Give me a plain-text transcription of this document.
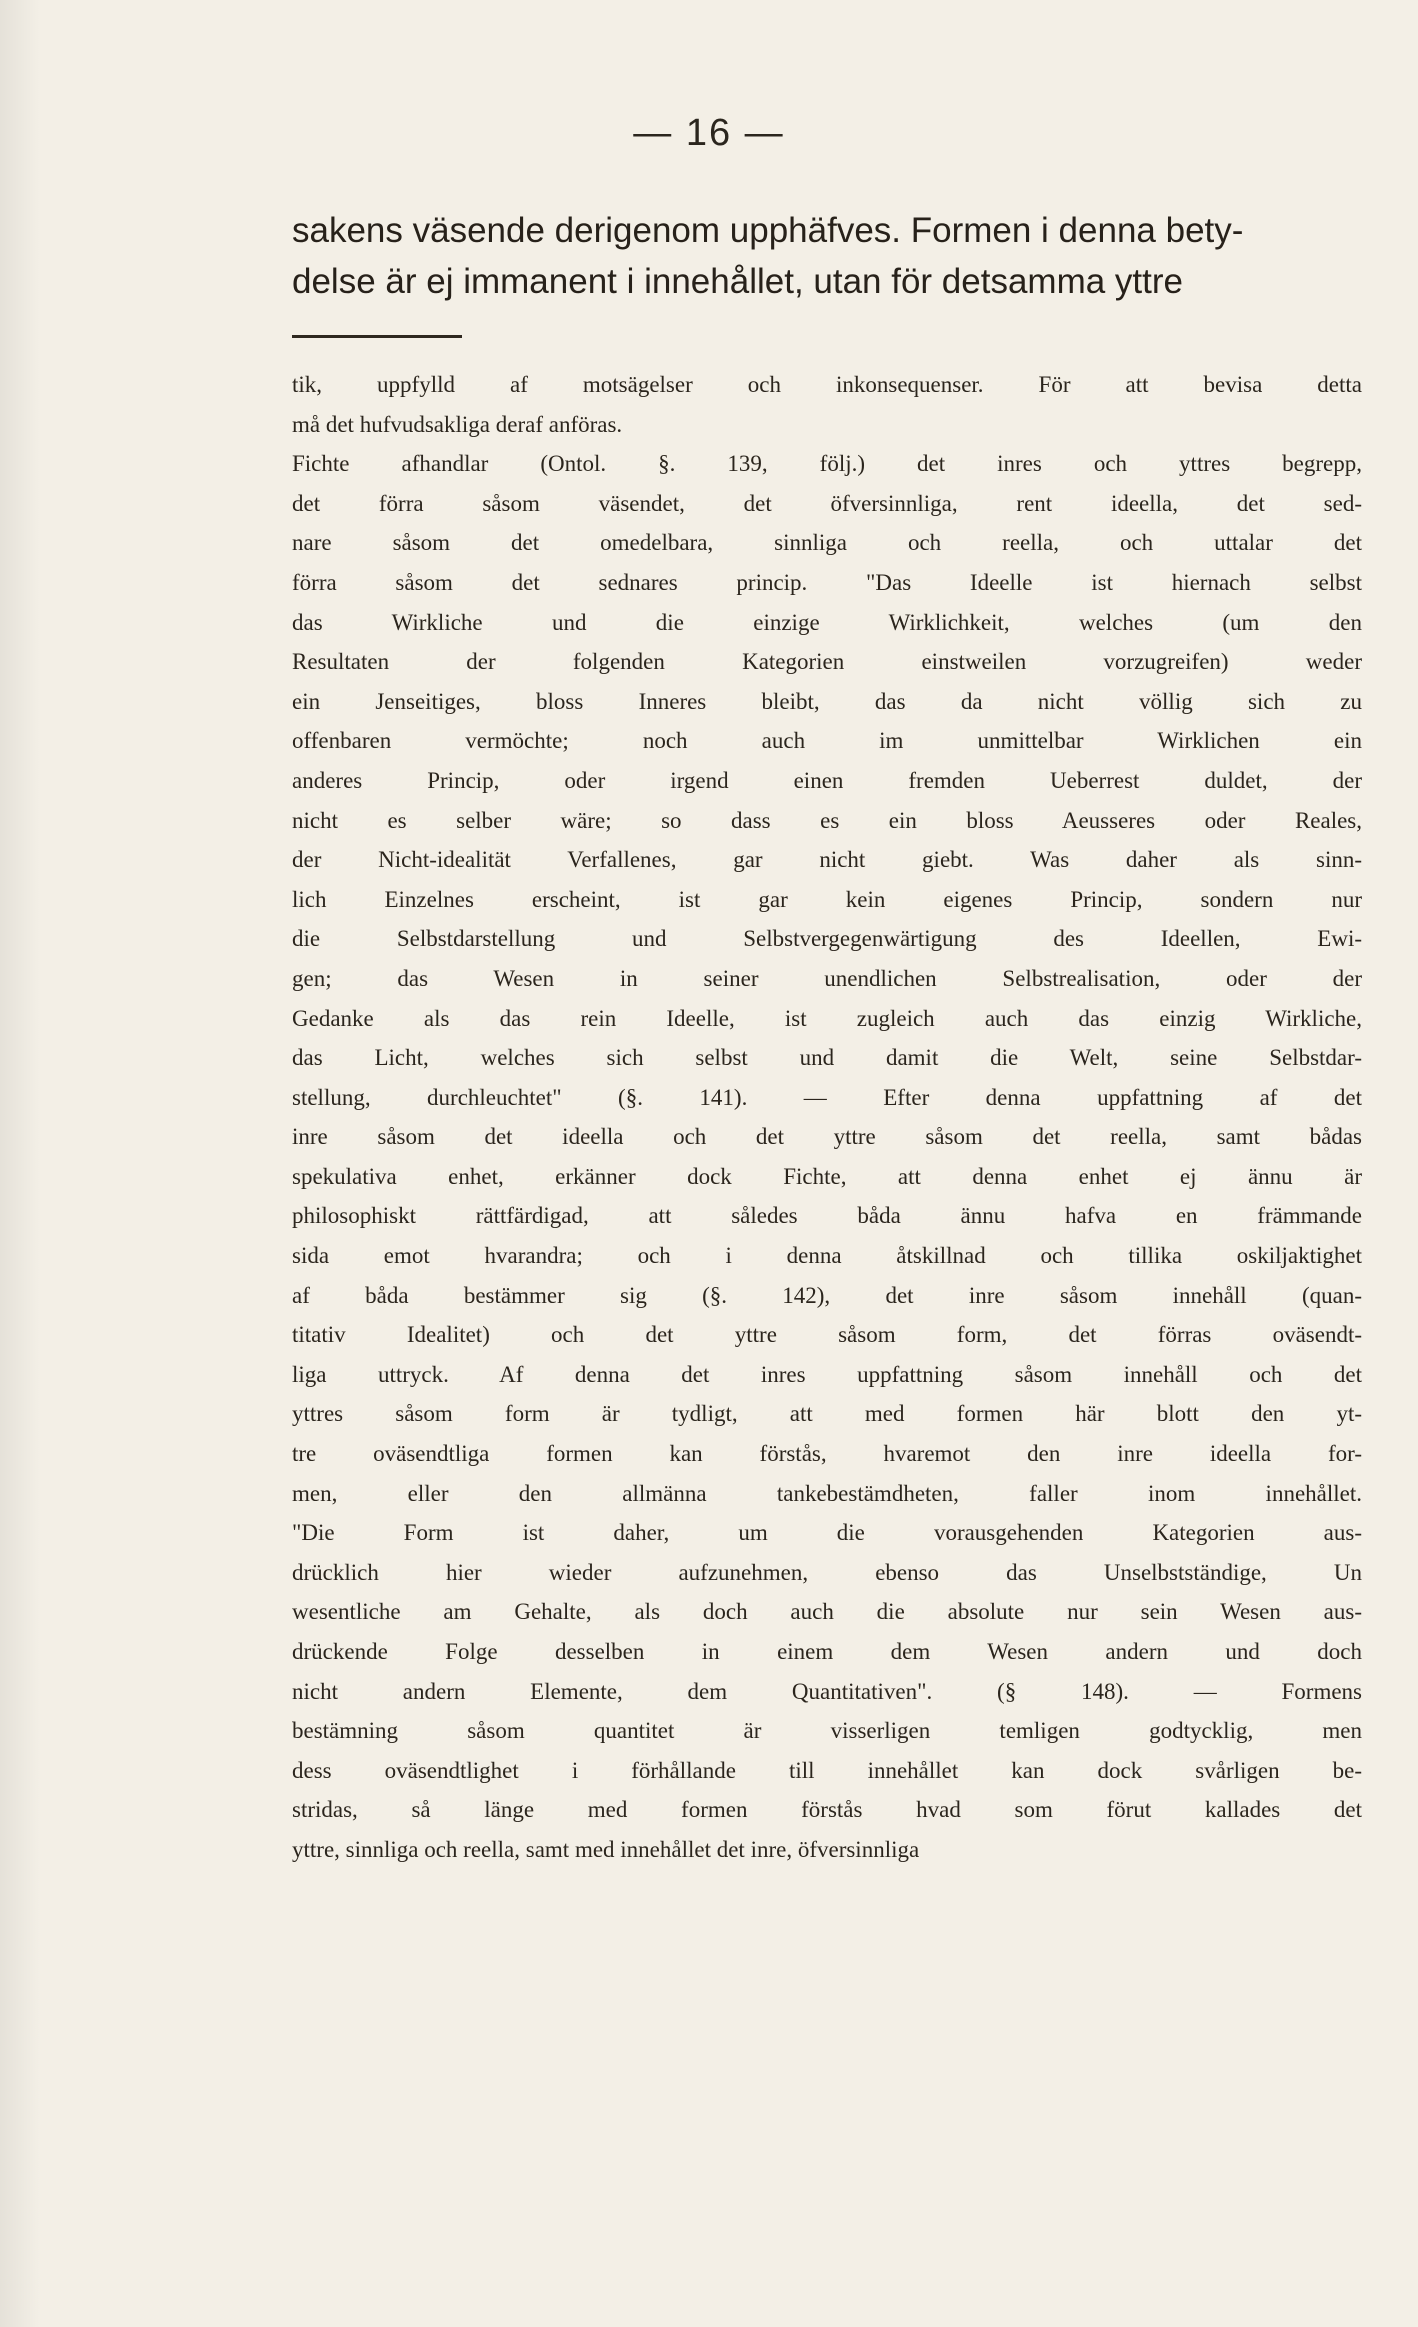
— 16 —
sakens väsende derigenom upphäfves. Formen i denna bety-
delse är ej immanent i innehållet, utan för detsamma yttre
tik, uppfylld af motsägelser och inkonsequenser. För att bevisa detta
må det hufvudsakliga deraf anföras.
Fichte afhandlar (Ontol. §. 139, följ.) det inres och yttres begrepp,
det förra såsom väsendet, det öfversinnliga, rent ideella, det sed-
nare såsom det omedelbara, sinnliga och reella, och uttalar det
förra såsom det sednares princip. "Das Ideelle ist hiernach selbst
das Wirkliche und die einzige Wirklichkeit, welches (um den
Resultaten der folgenden Kategorien einstweilen vorzugreifen) weder
ein Jenseitiges, bloss Inneres bleibt, das da nicht völlig sich zu
offenbaren vermöchte; noch auch im unmittelbar Wirklichen ein
anderes Princip, oder irgend einen fremden Ueberrest duldet, der
nicht es selber wäre; so dass es ein bloss Aeusseres oder Reales,
der Nicht-idealität Verfallenes, gar nicht giebt. Was daher als sinn-
lich Einzelnes erscheint, ist gar kein eigenes Princip, sondern nur
die Selbstdarstellung und Selbstvergegenwärtigung des Ideellen, Ewi-
gen; das Wesen in seiner unendlichen Selbstrealisation, oder der
Gedanke als das rein Ideelle, ist zugleich auch das einzig Wirkliche,
das Licht, welches sich selbst und damit die Welt, seine Selbstdar-
stellung, durchleuchtet" (§. 141). — Efter denna uppfattning af det
inre såsom det ideella och det yttre såsom det reella, samt bådas
spekulativa enhet, erkänner dock Fichte, att denna enhet ej ännu är
philosophiskt rättfärdigad, att således båda ännu hafva en främmande
sida emot hvarandra; och i denna åtskillnad och tillika oskiljaktighet
af båda bestämmer sig (§. 142), det inre såsom innehåll (quan-
titativ Idealitet) och det yttre såsom form, det förras oväsendt-
liga uttryck. Af denna det inres uppfattning såsom innehåll och det
yttres såsom form är tydligt, att med formen här blott den yt-
tre oväsendtliga formen kan förstås, hvaremot den inre ideella for-
men, eller den allmänna tankebestämdheten, faller inom innehållet.
"Die Form ist daher, um die vorausgehenden Kategorien aus-
drücklich hier wieder aufzunehmen, ebenso das Unselbstständige, Un
wesentliche am Gehalte, als doch auch die absolute nur sein Wesen aus-
drückende Folge desselben in einem dem Wesen andern und doch
nicht andern Elemente, dem Quantitativen". (§ 148). — Formens
bestämning såsom quantitet är visserligen temligen godtycklig, men
dess oväsendtlighet i förhållande till innehållet kan dock svårligen be-
stridas, så länge med formen förstås hvad som förut kallades det
yttre, sinnliga och reella, samt med innehållet det inre, öfversinnliga
